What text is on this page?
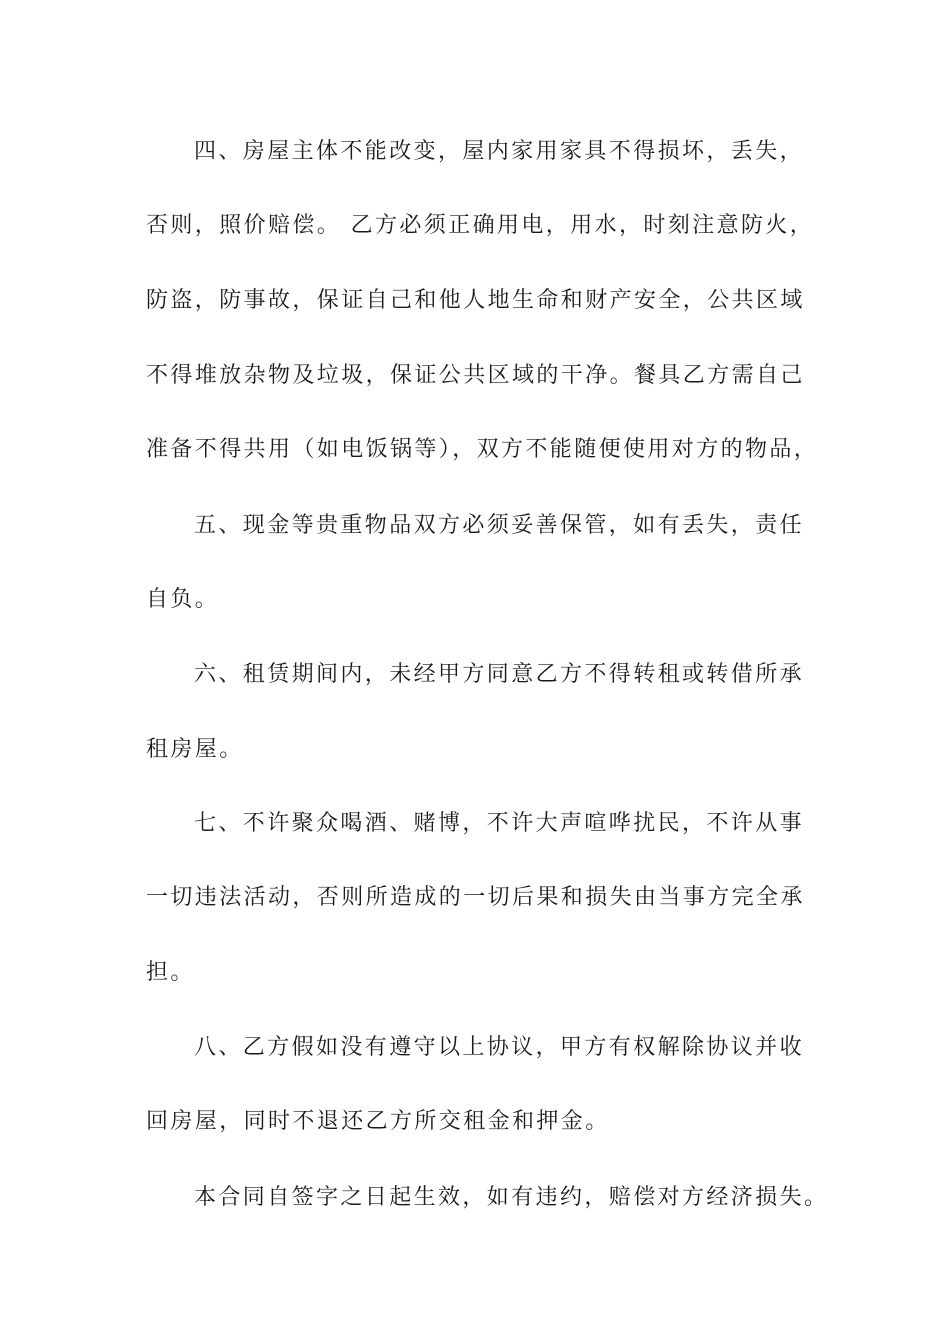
四、房屋主体不能改变，屋内家用家具不得损坏，丢失，

否则，照价赔偿。 乙方必须正确用电，用水，时刻注意防火，

防盗，防事故，保证自己和他人地生命和财产安全，公共区域

不得堆放杂物及垃圾，保证公共区域的干净。餐具乙方需自己

准备不得共用（如电饭锅等），双方不能随便使用对方的物品，

五、现金等贵重物品双方必须妥善保管，如有丢失，责任

自负。

六、租赁期间内，未经甲方同意乙方不得转租或转借所承

租房屋。

七、不许聚众喝酒、赌博，不许大声喧哗扰民，不许从事

一切违法活动，否则所造成的一切后果和损失由当事方完全承

担。

八、乙方假如没有遵守以上协议，甲方有权解除协议并收

回房屋，同时不退还乙方所交租金和押金。

本合同自签字之日起生效，如有违约，赔偿对方经济损失。
